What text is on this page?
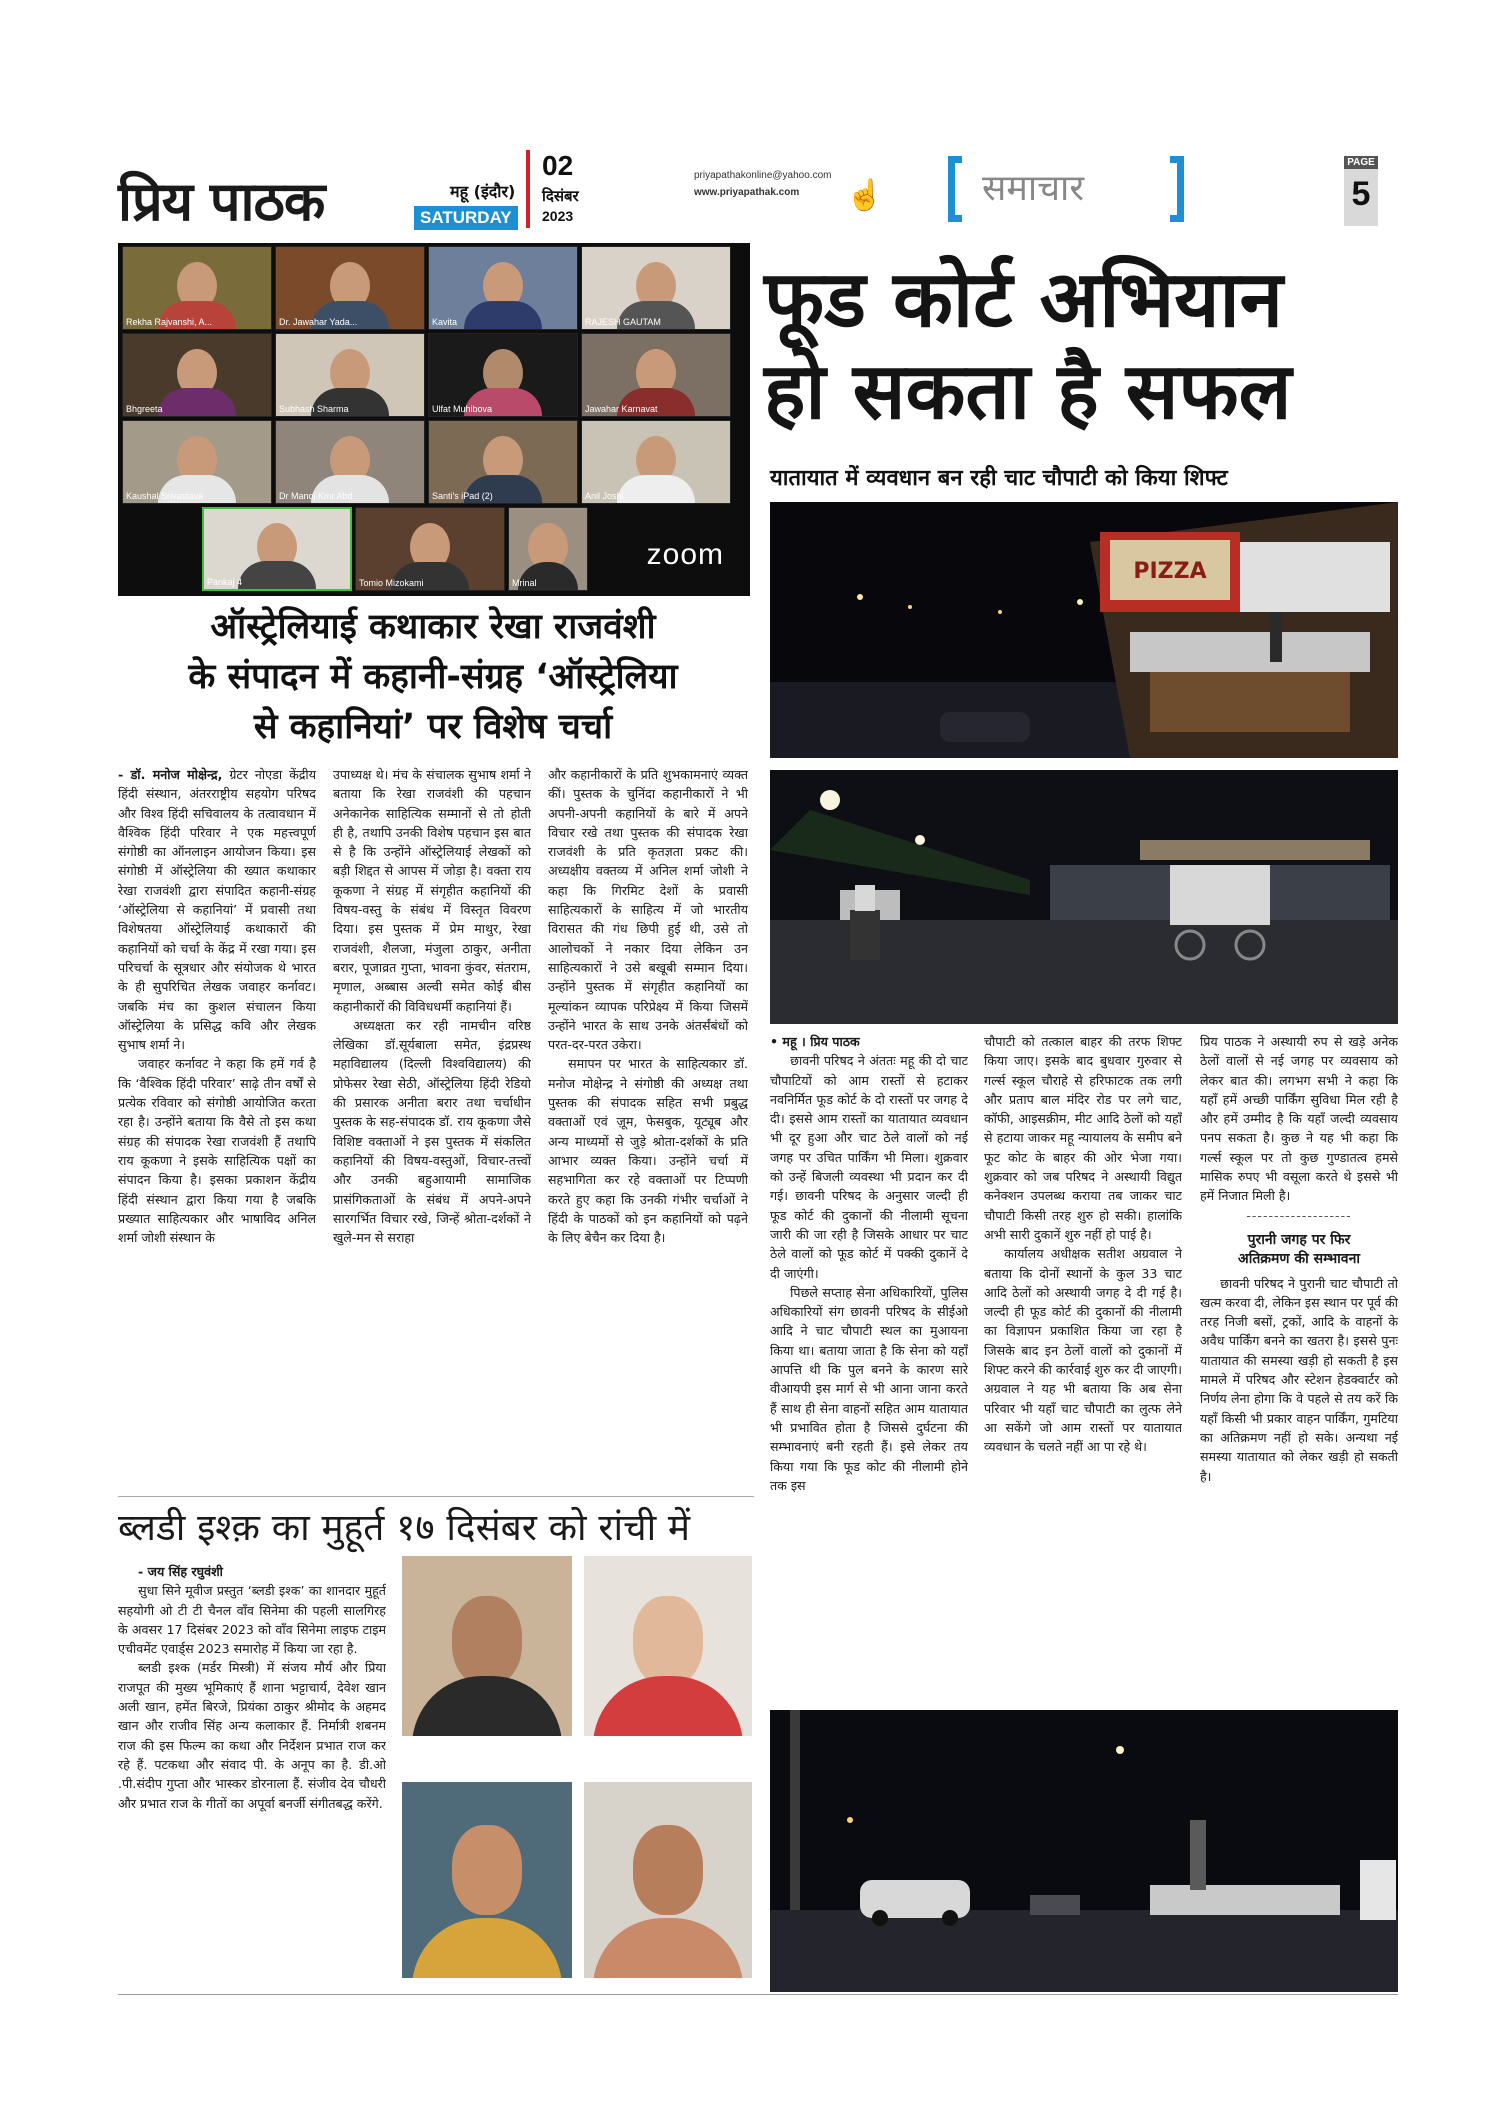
प्रिय पाठक	महू (इंदौर)
SATURDAY
02
दिसंबर
2023
priyapathakonline@yahoo.com
www.priyapathak.com	☝	समाचार
PAGE
5
Rekha Rajvanshi, A...	Dr. Jawahar Yada...	Kavita	RAJESH GAUTAM
Bhgreeta	Subhash Sharma	Ulfat Muhibova	Jawahar Karnavat
Kaushal Srivastava	Dr Manoj Kmr Abd	Santi's iPad (2)	Anil Joshi
Pankaj 4	Tomio Mizokami	Mrinal
zoom
ऑस्ट्रेलियाई कथाकार रेखा राजवंशी
के संपादन में कहानी-संग्रह ‘ऑस्ट्रेलिया
से कहानियां’ पर विशेष चर्चा

- डॉ. मनोज मोक्षेन्द्र, ग्रेटर नोएडा केंद्रीय हिंदी संस्थान, अंतरराष्ट्रीय सहयोग परिषद और विश्व हिंदी सचिवालय के तत्वावधान में वैश्विक हिंदी परिवार ने एक महत्त्वपूर्ण संगोष्ठी का ऑनलाइन आयोजन किया। इस संगोष्ठी में ऑस्ट्रेलिया की ख्यात कथाकार रेखा राजवंशी द्वारा संपादित कहानी-संग्रह ‘ऑस्ट्रेलिया से कहानियां’ में प्रवासी तथा विशेषतया ऑस्ट्रेलियाई कथाकारों की कहानियों को चर्चा के केंद्र में रखा गया। इस परिचर्चा के सूत्रधार और संयोजक थे भारत के ही सुपरिचित लेखक जवाहर कर्नावट। जबकि मंच का कुशल संचालन किया ऑस्ट्रेलिया के प्रसिद्ध कवि और लेखक सुभाष शर्मा ने।

जवाहर कर्नावट ने कहा कि हमें गर्व है कि ‘वैश्विक हिंदी परिवार’ साढ़े तीन वर्षों से प्रत्येक रविवार को संगोष्ठी आयोजित करता रहा है। उन्होंने बताया कि वैसे तो इस कथा संग्रह की संपादक रेखा राजवंशी हैं तथापि राय कूकणा ने इसके साहित्यिक पक्षों का संपादन किया है। इसका प्रकाशन केंद्रीय हिंदी संस्थान द्वारा किया गया है जबकि प्रख्यात साहित्यकार और भाषाविद अनिल शर्मा जोशी संस्थान के

उपाध्यक्ष थे। मंच के संचालक सुभाष शर्मा ने बताया कि रेखा राजवंशी की पहचान अनेकानेक साहित्यिक सम्मानों से तो होती ही है, तथापि उनकी विशेष पहचान इस बात से है कि उन्होंने ऑस्ट्रेलियाई लेखकों को बड़ी शिद्दत से आपस में जोड़ा है। वक्ता राय कूकणा ने संग्रह में संगृहीत कहानियों की विषय-वस्तु के संबंध में विस्तृत विवरण दिया। इस पुस्तक में प्रेम माथुर, रेखा राजवंशी, शैलजा, मंजुला ठाकुर, अनीता बरार, पूजाव्रत गुप्ता, भावना कुंवर, संतराम, मृणाल, अब्बास अल्वी समेत कोई बीस कहानीकारों की विविधधर्मी कहानियां हैं।

अध्यक्षता कर रही नामचीन वरिष्ठ लेखिका डॉ.सूर्यबाला समेत, इंद्रप्रस्थ महाविद्यालय (दिल्ली विश्वविद्यालय) की प्रोफेसर रेखा सेठी, ऑस्ट्रेलिया हिंदी रेडियो की प्रसारक अनीता बरार तथा चर्चाधीन पुस्तक के सह-संपादक डॉ. राय कूकणा जैसे विशिष्ट वक्ताओं ने इस पुस्तक में संकलित कहानियों की विषय-वस्तुओं, विचार-तत्त्वों और उनकी बहुआयामी सामाजिक प्रासंगिकताओं के संबंध में अपने-अपने सारगर्भित विचार रखे, जिन्हें श्रोता-दर्शकों ने खुले-मन से सराहा

और कहानीकारों के प्रति शुभकामनाएं व्यक्त कीं। पुस्तक के चुनिंदा कहानीकारों ने भी अपनी-अपनी कहानियों के बारे में अपने विचार रखे तथा पुस्तक की संपादक रेखा राजवंशी के प्रति कृतज्ञता प्रकट की। अध्यक्षीय वक्तव्य में अनिल शर्मा जोशी ने कहा कि गिरमिट देशों के प्रवासी साहित्यकारों के साहित्य में जो भारतीय विरासत की गंध छिपी हुई थी, उसे तो आलोचकों ने नकार दिया लेकिन उन साहित्यकारों ने उसे बखूबी सम्मान दिया। उन्होंने पुस्तक में संगृहीत कहानियों का मूल्यांकन व्यापक परिप्रेक्ष्य में किया जिसमें उन्होंने भारत के साथ उनके अंतर्संबंधों को परत-दर-परत उकेरा।

समापन पर भारत के साहित्यकार डॉ. मनोज मोक्षेन्द्र ने संगोष्ठी की अध्यक्ष तथा पुस्तक की संपादक सहित सभी प्रबुद्ध वक्ताओं एवं ज़ूम, फेसबुक, यूट्यूब और अन्य माध्यमों से जुड़े श्रोता-दर्शकों के प्रति आभार व्यक्त किया। उन्होंने चर्चा में सहभागिता कर रहे वक्ताओं पर टिप्पणी करते हुए कहा कि उनकी गंभीर चर्चाओं ने हिंदी के पाठकों को इन कहानियों को पढ़ने के लिए बेचैन कर दिया है।

फूड कोर्ट अभियान
हो सकता है सफल
यातायात में व्यवधान बन रही चाट चौपाटी को किया शिफ्ट
PIZZA

• महू । प्रिय पाठक

छावनी परिषद ने अंततः महू की दो चाट चौपाटियों को आम रास्तों से हटाकर नवनिर्मित फूड कोर्ट के दो रास्तों पर जगह दे दी। इससे आम रास्तों का यातायात व्यवधान भी दूर हुआ और चाट ठेले वालों को नई जगह पर उचित पार्किंग भी मिला। शुक्रवार को उन्हें बिजली व्यवस्था भी प्रदान कर दी गई। छावनी परिषद के अनुसार जल्दी ही फूड कोर्ट की दुकानों की नीलामी सूचना जारी की जा रही है जिसके आधार पर चाट ठेले वालों को फूड कोर्ट में पक्की दुकानें दे दी जाएंगी।

पिछले सप्ताह सेना अधिकारियों, पुलिस अधिकारियों संग छावनी परिषद के सीईओ आदि ने चाट चौपाटी स्थल का मुआयना किया था। बताया जाता है कि सेना को यहाँ आपत्ति थी कि पुल बनने के कारण सारे वीआयपी इस मार्ग से भी आना जाना करते हैं साथ ही सेना वाहनों सहित आम यातायात भी प्रभावित होता है जिससे दुर्घटना की सम्भावनाएं बनी रहती हैं। इसे लेकर तय किया गया कि फूड कोट की नीलामी होने तक इस

चौपाटी को तत्काल बाहर की तरफ शिफ्ट किया जाए। इसके बाद बुधवार गुरुवार से गर्ल्स स्कूल चौराहे से हरिफाटक तक लगी और प्रताप बाल मंदिर रोड पर लगे चाट, कॉफी, आइसक्रीम, मीट आदि ठेलों को यहाँ से हटाया जाकर महू न्यायालय के समीप बने फूट कोट के बाहर की ओर भेजा गया। शुक्रवार को जब परिषद ने अस्थायी विद्युत कनेक्शन उपलब्ध कराया तब जाकर चाट चौपाटी किसी तरह शुरु हो सकी। हालांकि अभी सारी दुकानें शुरु नहीं हो पाई है।

कार्यालय अधीक्षक सतीश अग्रवाल ने बताया कि दोनों स्थानों के कुल 33 चाट आदि ठेलों को अस्थायी जगह दे दी गई है। जल्दी ही फूड कोर्ट की दुकानों की नीलामी का विज्ञापन प्रकाशित किया जा रहा है जिसके बाद इन ठेलों वालों को दुकानों में शिफ्ट करने की कार्रवाई शुरु कर दी जाएगी। अग्रवाल ने यह भी बताया कि अब सेना परिवार भी यहाँ चाट चौपाटी का लुत्फ लेने आ सकेंगे जो आम रास्तों पर यातायात व्यवधान के चलते नहीं आ पा रहे थे।

प्रिय पाठक ने अस्थायी रुप से खड़े अनेक ठेलों वालों से नई जगह पर व्यवसाय को लेकर बात की। लगभग सभी ने कहा कि यहाँ हमें अच्छी पार्किंग सुविधा मिल रही है और हमें उम्मीद है कि यहाँ जल्दी व्यवसाय पनप सकता है। कुछ ने यह भी कहा कि गर्ल्स स्कूल पर तो कुछ गुण्डातत्व हमसे मासिक रुपए भी वसूला करते थे इससे भी हमें निजात मिली है।

-------------------

पुरानी जगह पर फिर
अतिक्रमण की सम्भावना

छावनी परिषद ने पुरानी चाट चौपाटी तो खत्म करवा दी, लेकिन इस स्थान पर पूर्व की तरह निजी बसों, ट्रकों, आदि के वाहनों के अवैध पार्किंग बनने का खतरा है। इससे पुनः यातायात की समस्या खड़ी हो सकती है इस मामले में परिषद और स्टेशन हेडक्वार्टर को निर्णय लेना होगा कि वे पहले से तय करें कि यहाँ किसी भी प्रकार वाहन पार्किंग, गुमटिया का अतिक्रमण नहीं हो सके। अन्यथा नई समस्या यातायात को लेकर खड़ी हो सकती है।

ब्लडी इश्क़ का मुहूर्त १७ दिसंबर को रांची में

- जय सिंह रघुवंशी

सुधा सिने मूवीज प्रस्तुत ‘ब्लडी इश्क’ का शानदार मुहूर्त सहयोगी ओ टी टी चैनल वाँव सिनेमा की पहली सालगिरह के अवसर 17 दिसंबर 2023 को वाँव सिनेमा लाइफ टाइम एचीवमेंट एवार्ड्स 2023 समारोह में किया जा रहा है.

ब्लडी इश्क (मर्डर मिस्त्री) में संजय मौर्य और प्रिया राजपूत की मुख्य भूमिकाएं हैं शाना भट्टाचार्य, देवेश खान अली खान, हमेंत बिरजे, प्रियंका ठाकुर श्रीमोद के अहमद खान और राजीव सिंह अन्य कलाकार हैं. निर्मात्री शबनम राज की इस फिल्म का कथा और निर्देशन प्रभात राज कर रहे हैं. पटकथा और संवाद पी. के अनूप का है. डी.ओ .पी.संदीप गुप्ता और भास्कर डोरनाला हैं. संजीव देव चौधरी और प्रभात राज के गीतों का अपूर्वा बनर्जी संगीतबद्ध करेंगे.
